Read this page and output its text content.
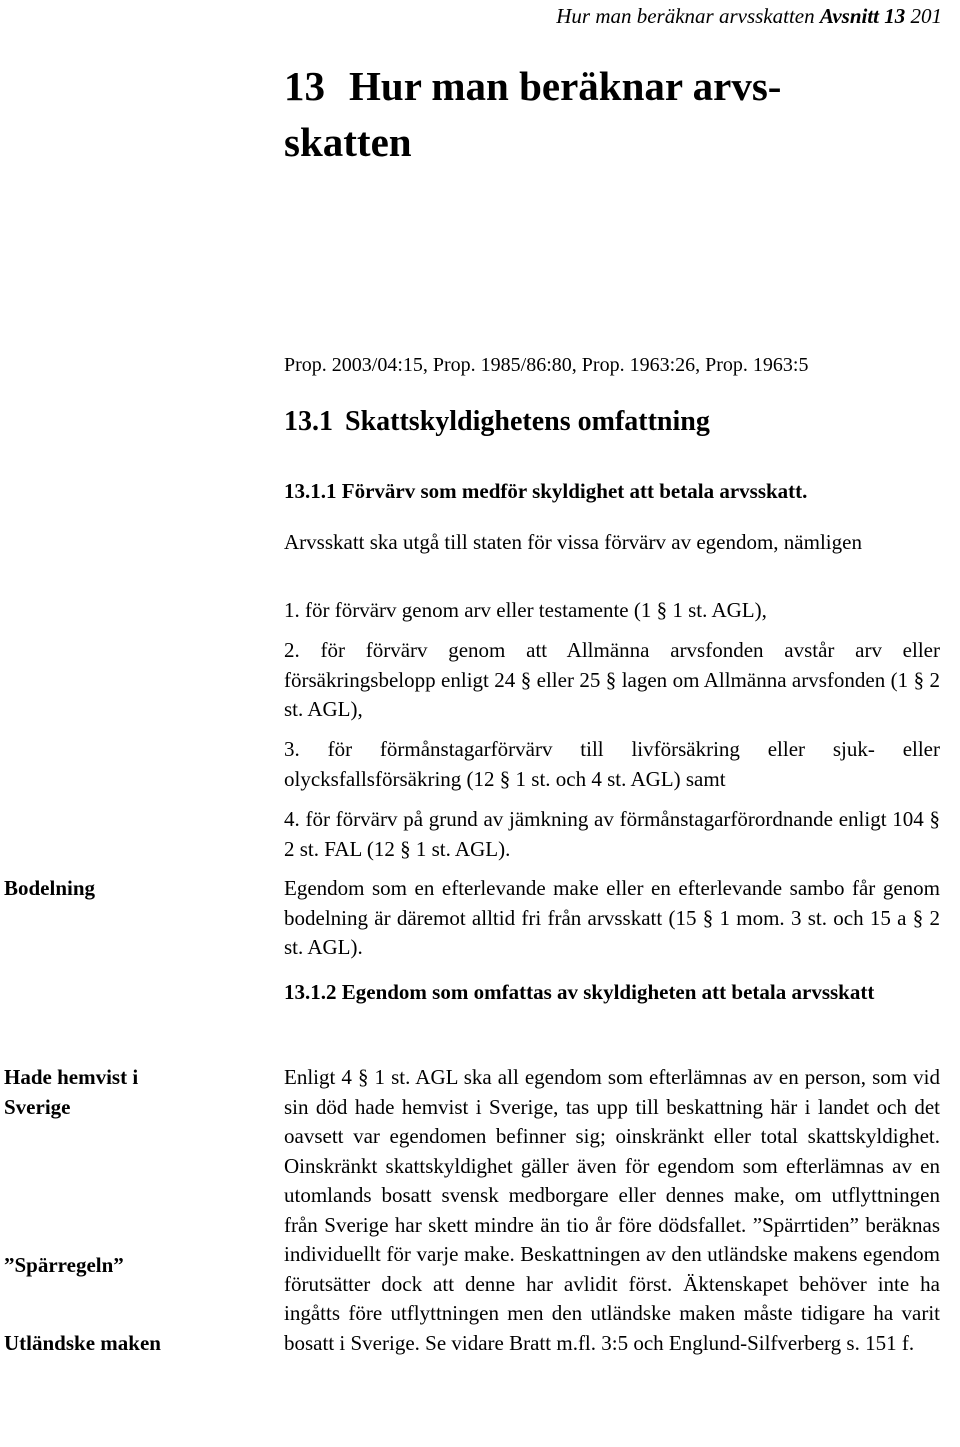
Hur man beräknar arvsskatten Avsnitt 13 201
13 Hur man beräknar arvs-
skatten
Prop. 2003/04:15, Prop. 1985/86:80, Prop. 1963:26, Prop. 1963:5
13.1 Skattskyldighetens omfattning
13.1.1 Förvärv som medför skyldighet att betala arvsskatt.

Arvsskatt ska utgå till staten för vissa förvärv av egendom, nämligen

1. för förvärv genom arv eller testamente (1 § 1 st. AGL),

2. för förvärv genom att Allmänna arvsfonden avstår arv eller försäkringsbelopp enligt 24 § eller 25 § lagen om Allmänna arvsfonden (1 § 2 st. AGL),

3. för förmånstagarförvärv till livförsäkring eller sjuk- eller olycksfallsförsäkring (12 § 1 st. och 4 st. AGL) samt

4. för förvärv på grund av jämkning av förmånstagarförordnande enligt 104 § 2 st. FAL (12 § 1 st. AGL).

Egendom som en efterlevande make eller en efterlevande sambo får genom bodelning är däremot alltid fri från arvsskatt (15 § 1 mom. 3 st. och 15 a § 2 st. AGL).

13.1.2 Egendom som omfattas av skyldigheten att betala arvsskatt

Enligt 4 § 1 st. AGL ska all egendom som efterlämnas av en person, som vid sin död hade hemvist i Sverige, tas upp till beskattning här i landet och det oavsett var egendomen befinner sig; oinskränkt eller total skattskyldighet. Oinskränkt skattskyldighet gäller även för egendom som efterlämnas av en utomlands bosatt svensk medborgare eller dennes make, om utflyttningen från Sverige har skett mindre än tio år före dödsfallet. ”Spärrtiden” beräknas individuellt för varje make. Beskattningen av den utländske makens egendom förutsätter dock att denne har avlidit först. Äktenskapet behöver inte ha ingåtts före utflyttningen men den utländske maken måste tidigare ha varit bosatt i Sverige. Se vidare Bratt m.fl. 3:5 och Englund-Silfverberg s. 151 f.

Bodelning

Hade hemvist i Sverige

”Spärregeln”

Utländske maken
